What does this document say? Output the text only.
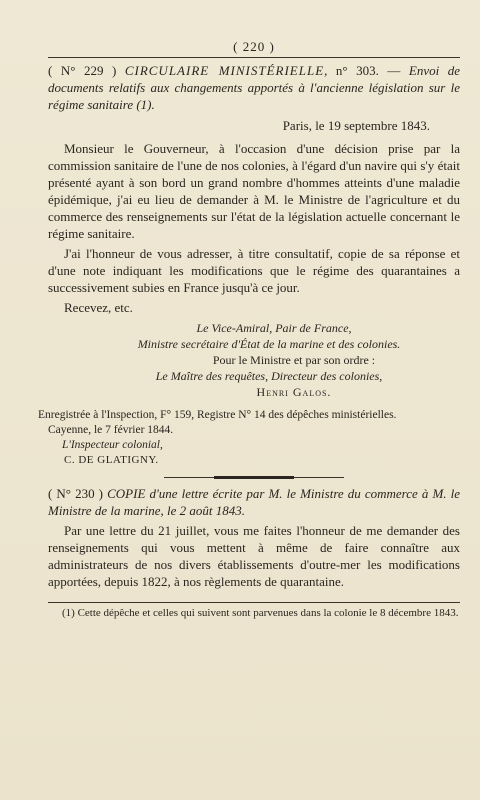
( 220 )
( N° 229 ) CIRCULAIRE MINISTÉRIELLE, n° 303. — Envoi de documents relatifs aux changements apportés à l'ancienne législation sur le régime sanitaire (1).
Paris, le 19 septembre 1843.

Monsieur le Gouverneur, à l'occasion d'une décision prise par la commission sanitaire de l'une de nos colonies, à l'égard d'un navire qui s'y était présenté ayant à son bord un grand nombre d'hommes atteints d'une maladie épidémique, j'ai eu lieu de demander à M. le Ministre de l'agriculture et du commerce des renseignements sur l'état de la législation actuelle concernant le régime sanitaire.

J'ai l'honneur de vous adresser, à titre consultatif, copie de sa réponse et d'une note indiquant les modifications que le régime des quarantaines a successivement subies en France jusqu'à ce jour.

Recevez, etc.

Le Vice-Amiral, Pair de France,
Ministre secrétaire d'État de la marine et des colonies.
Pour le Ministre et par son ordre :
Le Maître des requêtes, Directeur des colonies,
Henri Galos.
Enregistrée à l'Inspection, F° 159, Registre N° 14 des dépêches ministérielles.
Cayenne, le 7 février 1844.
L'Inspecteur colonial,
C. DE GLATIGNY.
( N° 230 ) COPIE d'une lettre écrite par M. le Ministre du commerce à M. le Ministre de la marine, le 2 août 1843.

Par une lettre du 21 juillet, vous me faites l'honneur de me demander des renseignements qui vous mettent à même de faire connaître aux administrateurs de nos divers établissements d'outre-mer les modifications apportées, depuis 1822, à nos règlements de quarantaine.

(1) Cette dépêche et celles qui suivent sont parvenues dans la colonie le 8 décembre 1843.
